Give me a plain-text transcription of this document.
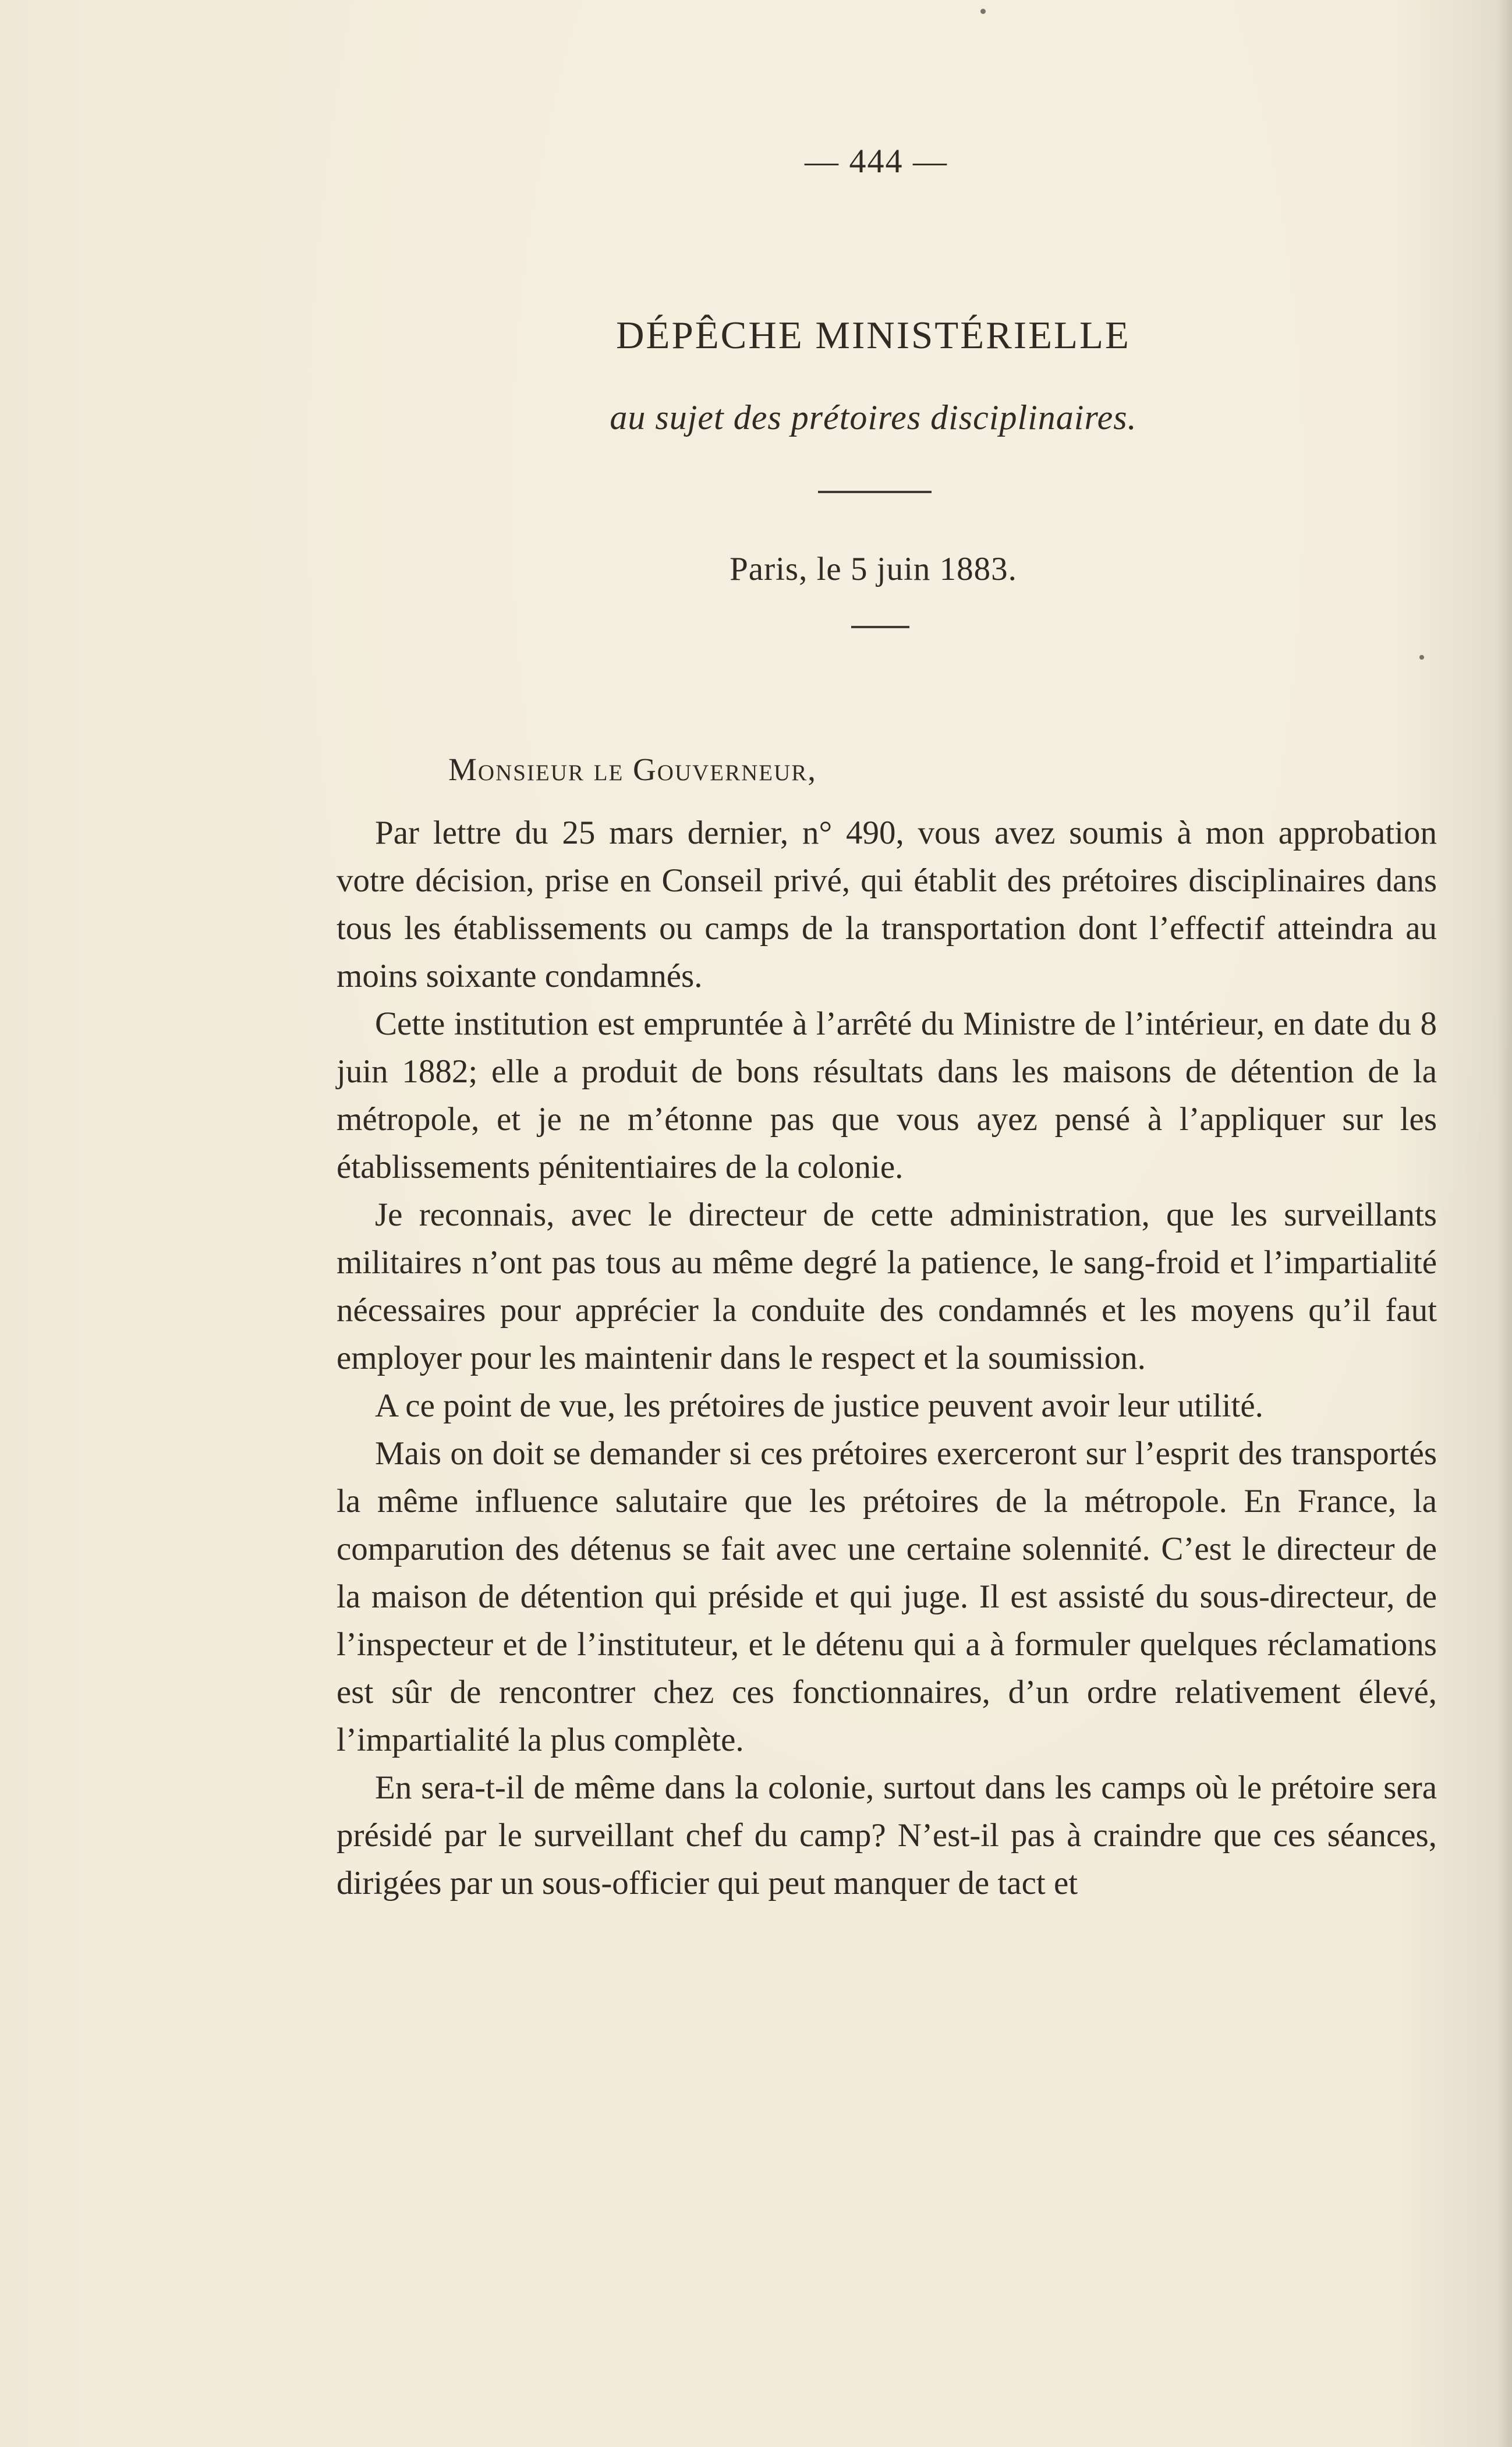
— 444 —
DÉPÊCHE MINISTÉRIELLE
au sujet des prétoires disciplinaires.
Paris, le 5 juin 1883.
Monsieur le Gouverneur,

Par lettre du 25 mars dernier, n° 490, vous avez soumis à mon approbation votre décision, prise en Conseil privé, qui établit des prétoires disciplinaires dans tous les établissements ou camps de la transportation dont l’effectif atteindra au moins soixante condamnés.

Cette institution est empruntée à l’arrêté du Ministre de l’intérieur, en date du 8 juin 1882; elle a produit de bons résultats dans les maisons de détention de la métropole, et je ne m’étonne pas que vous ayez pensé à l’appliquer sur les établissements pénitentiaires de la colonie.

Je reconnais, avec le directeur de cette administration, que les surveillants militaires n’ont pas tous au même degré la patience, le sang-froid et l’impartialité nécessaires pour apprécier la conduite des condamnés et les moyens qu’il faut employer pour les maintenir dans le respect et la soumission.

A ce point de vue, les prétoires de justice peuvent avoir leur utilité.

Mais on doit se demander si ces prétoires exerceront sur l’esprit des transportés la même influence salutaire que les prétoires de la métropole. En France, la comparution des détenus se fait avec une certaine solennité. C’est le directeur de la maison de détention qui préside et qui juge. Il est assisté du sous-directeur, de l’inspecteur et de l’instituteur, et le détenu qui a à formuler quelques réclamations est sûr de rencontrer chez ces fonctionnaires, d’un ordre relativement élevé, l’impartialité la plus complète.

En sera-t-il de même dans la colonie, surtout dans les camps où le prétoire sera présidé par le surveillant chef du camp? N’est-il pas à craindre que ces séances, dirigées par un sous-officier qui peut manquer de tact et
